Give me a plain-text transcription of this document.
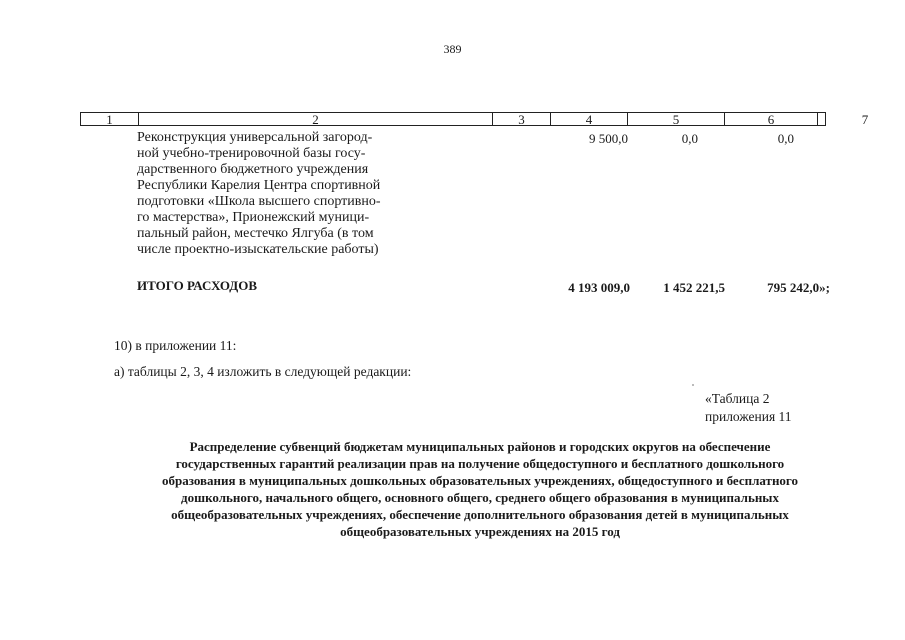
389
1	2	3	4	5	6	7
Реконструкция универсальной загород-
ной учебно-тренировочной базы госу-
дарственного бюджетного учреждения
Республики Карелия Центра спортивной
подготовки «Школа высшего спортивно-
го мастерства», Прионежский муници-
пальный район, местечко Ялгуба (в том
числе проектно-изыскательские работы)
9 500,0	0,0	0,0
ИТОГО РАСХОДОВ	4 193 009,0	1 452 221,5	795 242,0»;
10) в приложении 11:
а) таблицы 2, 3, 4 изложить в следующей редакции:
«Таблица 2
приложения 11
Распределение субвенций бюджетам муниципальных районов и городских округов на обеспечение
государственных гарантий реализации прав на получение общедоступного и бесплатного дошкольного
образования в муниципальных дошкольных образовательных учреждениях, общедоступного и бесплатного
дошкольного, начального общего, основного общего, среднего общего образования в муниципальных
общеобразовательных учреждениях, обеспечение дополнительного образования детей в муниципальных
общеобразовательных учреждениях на 2015 год
